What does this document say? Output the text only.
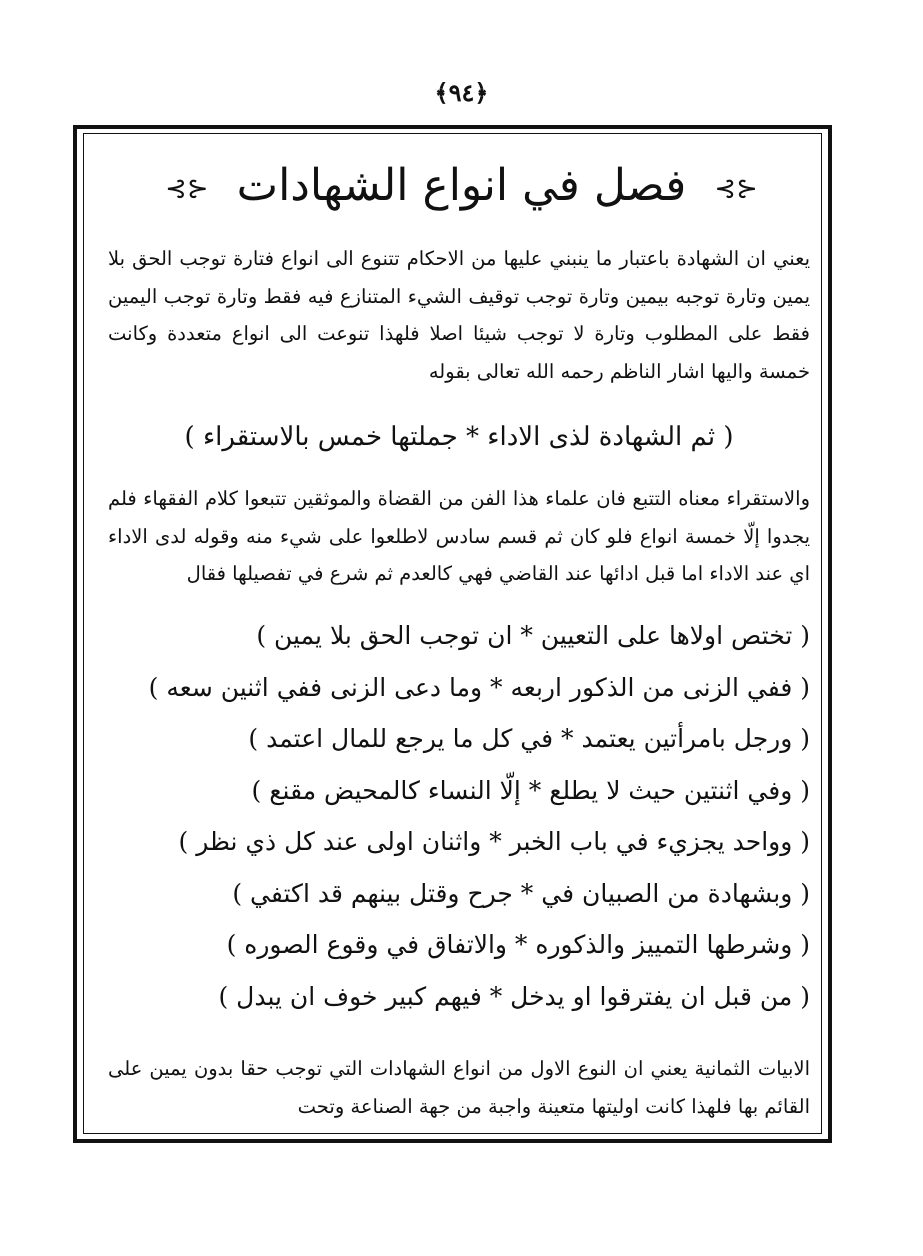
﴿٩٤﴾
⊰⊱ فصل في انواع الشهادات ⊰⊱

يعني ان الشهادة باعتبار ما ينبني عليها من الاحكام تتنوع الى انواع فتارة توجب الحق بلا يمين وتارة توجبه بيمين وتارة توجب توقيف الشيء المتنازع فيه فقط وتارة توجب اليمين فقط على المطلوب وتارة لا توجب شيئا اصلا فلهذا تنوعت الى انواع متعددة وكانت خمسة واليها اشار الناظم رحمه الله تعالى بقوله

( ثم الشهادة لذى الاداء * جملتها خمس بالاستقراء )

والاستقراء معناه التتبع فان علماء هذا الفن من القضاة والموثقين تتبعوا كلام الفقهاء فلم يجدوا إلّا خمسة انواع فلو كان ثم قسم سادس لاطلعوا على شيء منه وقوله لدى الاداء اي عند الاداء اما قبل ادائها عند القاضي فهي كالعدم ثم شرع في تفصيلها فقال

( تختص اولاها على التعيين * ان توجب الحق بلا يمين )
( ففي الزنى من الذكور اربعه * وما دعى الزنى ففي اثنين سعه )
( ورجل بامرأتين يعتمد * في كل ما يرجع للمال اعتمد )
( وفي اثنتين حيث لا يطلع * إلّا النساء كالمحيض مقنع )
( وواحد يجزيء في باب الخبر * واثنان اولى عند كل ذي نظر )
( وبشهادة من الصبيان في * جرح وقتل بينهم قد اكتفي )
( وشرطها التمييز والذكوره * والاتفاق في وقوع الصوره )
( من قبل ان يفترقوا او يدخل * فيهم كبير خوف ان يبدل )

الابيات الثمانية يعني ان النوع الاول من انواع الشهادات التي توجب حقا بدون يمين على القائم بها فلهذا كانت اوليتها متعينة واجبة من جهة الصناعة وتحت
